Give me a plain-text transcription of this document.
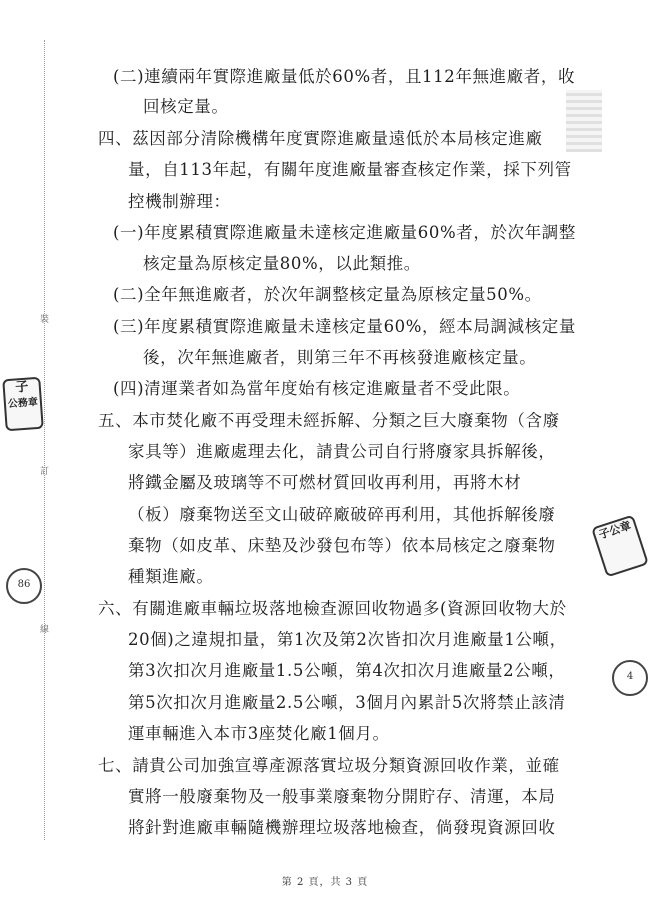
裝
訂
線
子
公務章
86
子公章
4
(二)連續兩年實際進廠量低於60%者，且112年無進廠者，收
回核定量。
四、茲因部分清除機構年度實際進廠量遠低於本局核定進廠
量，自113年起，有關年度進廠量審查核定作業，採下列管
控機制辦理：
(一)年度累積實際進廠量未達核定進廠量60%者，於次年調整
核定量為原核定量80%，以此類推。
(二)全年無進廠者，於次年調整核定量為原核定量50%。
(三)年度累積實際進廠量未達核定量60%，經本局調減核定量
後，次年無進廠者，則第三年不再核發進廠核定量。
(四)清運業者如為當年度始有核定進廠量者不受此限。
五、本市焚化廠不再受理未經拆解、分類之巨大廢棄物（含廢
家具等）進廠處理去化，請貴公司自行將廢家具拆解後，
將鐵金屬及玻璃等不可燃材質回收再利用，再將木材
（板）廢棄物送至文山破碎廠破碎再利用，其他拆解後廢
棄物（如皮革、床墊及沙發包布等）依本局核定之廢棄物
種類進廠。
六、有關進廠車輛垃圾落地檢查源回收物過多(資源回收物大於
20個)之違規扣量，第1次及第2次皆扣次月進廠量1公噸，
第3次扣次月進廠量1.5公噸，第4次扣次月進廠量2公噸，
第5次扣次月進廠量2.5公噸，3個月內累計5次將禁止該清
運車輛進入本市3座焚化廠1個月。
七、請貴公司加強宣導產源落實垃圾分類資源回收作業，並確
實將一般廢棄物及一般事業廢棄物分開貯存、清運，本局
將針對進廠車輛隨機辦理垃圾落地檢查，倘發現資源回收
第 2 頁，共 3 頁
